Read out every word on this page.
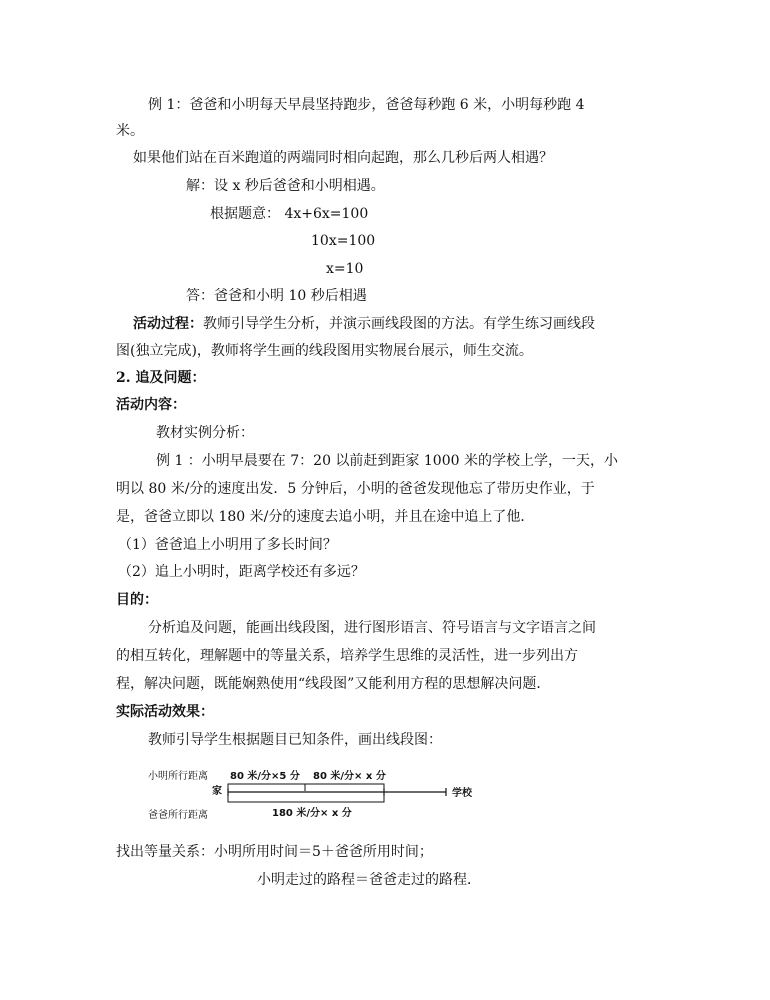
例 1：爸爸和小明每天早晨坚持跑步，爸爸每秒跑 6 米，小明每秒跑 4
米。
如果他们站在百米跑道的两端同时相向起跑，那么几秒后两人相遇？
解：设 x 秒后爸爸和小明相遇。
根据题意： 4x+6x=100
10x=100
x=10
答：爸爸和小明 10 秒后相遇
活动过程：教师引导学生分析，并演示画线段图的方法。有学生练习画线段
图(独立完成)，教师将学生画的线段图用实物展台展示，师生交流。
2. 追及问题：
活动内容：
教材实例分析：
例 1 ：小明早晨要在 7：20 以前赶到距家 1000 米的学校上学，一天，小
明以 80 米/分的速度出发．5 分钟后，小明的爸爸发现他忘了带历史作业，于
是，爸爸立即以 180 米/分的速度去追小明，并且在途中追上了他．
（1）爸爸追上小明用了多长时间？
（2）追上小明时，距离学校还有多远？
目的：
分析追及问题，能画出线段图，进行图形语言、符号语言与文字语言之间
的相互转化，理解题中的等量关系，培养学生思维的灵活性，进一步列出方
程，解决问题，既能娴熟使用“线段图”又能利用方程的思想解决问题．
实际活动效果：
教师引导学生根据题目已知条件，画出线段图：
小明所行距离 80 米/分×5 分 80 米/分× x 分
家	学校
爸爸所行距离	180 米/分× x 分
找出等量关系：小明所用时间＝5＋爸爸所用时间；
小明走过的路程＝爸爸走过的路程．
